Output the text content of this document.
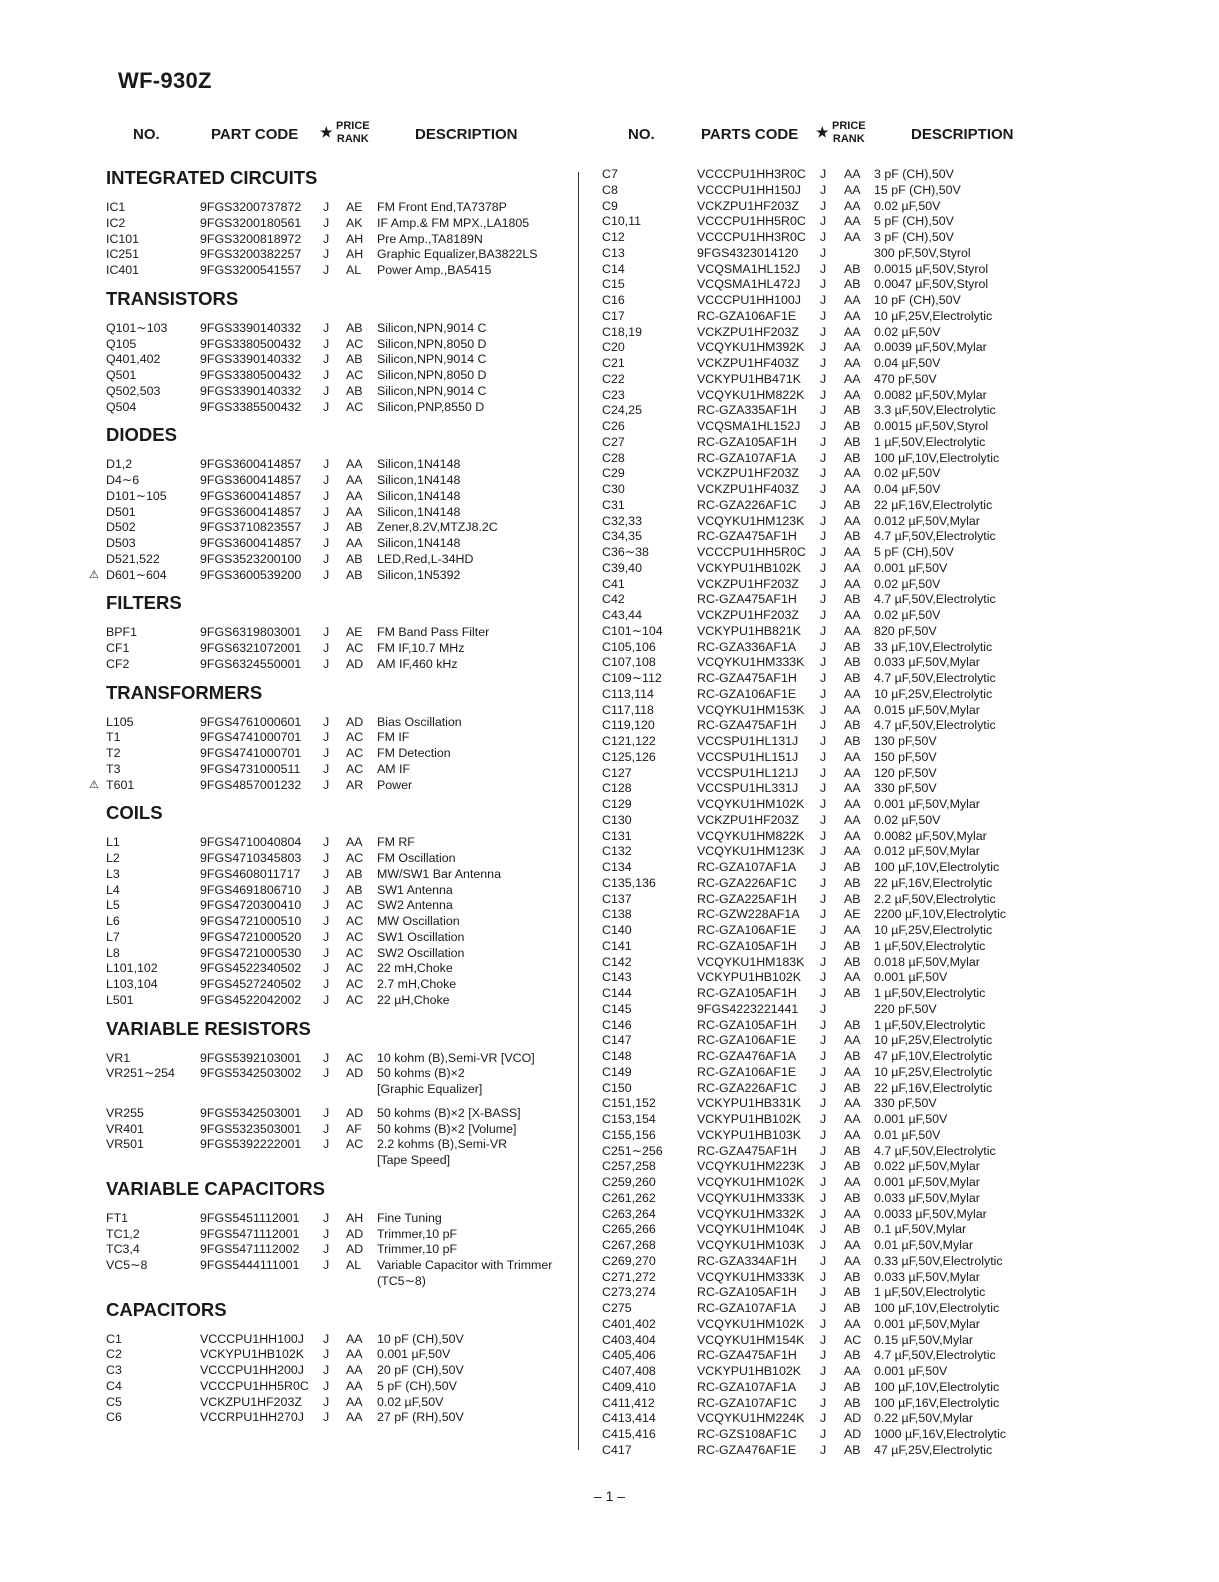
WF-930Z
NO.	PART CODE ★ PRICE
RANK	DESCRIPTION	NO.	PARTS CODE ★ PRICE
RANK	DESCRIPTION
INTEGRATED CIRCUITS
IC1	9FGS3200737872 J AE FM Front End,TA7378P
IC2	9FGS3200180561 J AK IF Amp.& FM MPX.,LA1805
IC101	9FGS3200818972 J AH Pre Amp.,TA8189N
IC251	9FGS3200382257 J AH Graphic Equalizer,BA3822LS
IC401	9FGS3200541557 J AL Power Amp.,BA5415
TRANSISTORS
Q101∼103	9FGS3390140332 J AB Silicon,NPN,9014 C
Q105	9FGS3380500432 J AC Silicon,NPN,8050 D
Q401,402	9FGS3390140332 J AB Silicon,NPN,9014 C
Q501	9FGS3380500432 J AC Silicon,NPN,8050 D
Q502,503	9FGS3390140332 J AB Silicon,NPN,9014 C
Q504	9FGS3385500432 J AC Silicon,PNP,8550 D
DIODES
D1,2	9FGS3600414857 J AA Silicon,1N4148
D4∼6	9FGS3600414857 J AA Silicon,1N4148
D101∼105	9FGS3600414857 J AA Silicon,1N4148
D501	9FGS3600414857 J AA Silicon,1N4148
D502	9FGS3710823557 J AB Zener,8.2V,MTZJ8.2C
D503	9FGS3600414857 J AA Silicon,1N4148
D521,522	9FGS3523200100 J AB LED,Red,L-34HD
⚠ D601∼604	9FGS3600539200 J AB Silicon,1N5392
FILTERS
BPF1	9FGS6319803001 J AE FM Band Pass Filter
CF1	9FGS6321072001 J AC FM IF,10.7 MHz
CF2	9FGS6324550001 J AD AM IF,460 kHz
TRANSFORMERS
L105	9FGS4761000601 J AD Bias Oscillation
T1	9FGS4741000701 J AC FM IF
T2	9FGS4741000701 J AC FM Detection
T3	9FGS4731000511 J AC AM IF
⚠ T601	9FGS4857001232 J AR Power
COILS
L1	9FGS4710040804 J AA FM RF
L2	9FGS4710345803 J AC FM Oscillation
L3	9FGS4608011717 J AB MW/SW1 Bar Antenna
L4	9FGS4691806710 J AB SW1 Antenna
L5	9FGS4720300410 J AC SW2 Antenna
L6	9FGS4721000510 J AC MW Oscillation
L7	9FGS4721000520 J AC SW1 Oscillation
L8	9FGS4721000530 J AC SW2 Oscillation
L101,102	9FGS4522340502 J AC 22 mH,Choke
L103,104	9FGS4527240502 J AC 2.7 mH,Choke
L501	9FGS4522042002 J AC 22 µH,Choke
VARIABLE RESISTORS
VR1	9FGS5392103001 J AC 10 kohm (B),Semi-VR [VCO]
VR251∼254 9FGS5342503002 J AD 50 kohms (B)×2
[Graphic Equalizer]
VR255	9FGS5342503001 J AD 50 kohms (B)×2 [X-BASS]
VR401	9FGS5323503001 J AF 50 kohms (B)×2 [Volume]
VR501	9FGS5392222001 J AC 2.2 kohms (B),Semi-VR
[Tape Speed]
VARIABLE CAPACITORS
FT1	9FGS5451112001 J AH Fine Tuning
TC1,2	9FGS5471112001 J AD Trimmer,10 pF
TC3,4	9FGS5471112002 J AD Trimmer,10 pF
VC5∼8	9FGS5444111001 J AL Variable Capacitor with Trimmer
(TC5∼8)
CAPACITORS
C1	VCCCPU1HH100J J AA 10 pF (CH),50V
C2	VCKYPU1HB102K J AA 0.001 µF,50V
C3	VCCCPU1HH200J J AA 20 pF (CH),50V
C4	VCCCPU1HH5R0C J AA 5 pF (CH),50V
C5	VCKZPU1HF203Z J AA 0.02 µF,50V
C6	VCCRPU1HH270J J AA 27 pF (RH),50V
C7	VCCCPU1HH3R0C J AA 3 pF (CH),50V
C8	VCCCPU1HH150J J AA 15 pF (CH),50V
C9	VCKZPU1HF203Z J AA 0.02 µF,50V
C10,11	VCCCPU1HH5R0C J AA 5 pF (CH),50V
C12	VCCCPU1HH3R0C J AA 3 pF (CH),50V
C13	9FGS4323014120 J	300 pF,50V,Styrol
C14	VCQSMA1HL152J J AB 0.0015 µF,50V,Styrol
C15	VCQSMA1HL472J J AB 0.0047 µF,50V,Styrol
C16	VCCCPU1HH100J J AA 10 pF (CH),50V
C17	RC-GZA106AF1E J AA 10 µF,25V,Electrolytic
C18,19	VCKZPU1HF203Z J AA 0.02 µF,50V
C20	VCQYKU1HM392K J AA 0.0039 µF,50V,Mylar
C21	VCKZPU1HF403Z J AA 0.04 µF,50V
C22	VCKYPU1HB471K J AA 470 pF,50V
C23	VCQYKU1HM822K J AA 0.0082 µF,50V,Mylar
C24,25	RC-GZA335AF1H J AB 3.3 µF,50V,Electrolytic
C26	VCQSMA1HL152J J AB 0.0015 µF,50V,Styrol
C27	RC-GZA105AF1H J AB 1 µF,50V,Electrolytic
C28	RC-GZA107AF1A J AB 100 µF,10V,Electrolytic
C29	VCKZPU1HF203Z J AA 0.02 µF,50V
C30	VCKZPU1HF403Z J AA 0.04 µF,50V
C31	RC-GZA226AF1C J AB 22 µF,16V,Electrolytic
C32,33	VCQYKU1HM123K J AA 0.012 µF,50V,Mylar
C34,35	RC-GZA475AF1H J AB 4.7 µF,50V,Electrolytic
C36∼38	VCCCPU1HH5R0C J AA 5 pF (CH),50V
C39,40	VCKYPU1HB102K J AA 0.001 µF,50V
C41	VCKZPU1HF203Z J AA 0.02 µF,50V
C42	RC-GZA475AF1H J AB 4.7 µF,50V,Electrolytic
C43,44	VCKZPU1HF203Z J AA 0.02 µF,50V
C101∼104	VCKYPU1HB821K J AA 820 pF,50V
C105,106	RC-GZA336AF1A J AB 33 µF,10V,Electrolytic
C107,108	VCQYKU1HM333K J AB 0.033 µF,50V,Mylar
C109∼112	RC-GZA475AF1H J AB 4.7 µF,50V,Electrolytic
C113,114	RC-GZA106AF1E J AA 10 µF,25V,Electrolytic
C117,118	VCQYKU1HM153K J AA 0.015 µF,50V,Mylar
C119,120	RC-GZA475AF1H J AB 4.7 µF,50V,Electrolytic
C121,122	VCCSPU1HL131J J AB 130 pF,50V
C125,126	VCCSPU1HL151J J AA 150 pF,50V
C127	VCCSPU1HL121J J AA 120 pF,50V
C128	VCCSPU1HL331J J AA 330 pF,50V
C129	VCQYKU1HM102K J AA 0.001 µF,50V,Mylar
C130	VCKZPU1HF203Z J AA 0.02 µF,50V
C131	VCQYKU1HM822K J AA 0.0082 µF,50V,Mylar
C132	VCQYKU1HM123K J AA 0.012 µF,50V,Mylar
C134	RC-GZA107AF1A J AB 100 µF,10V,Electrolytic
C135,136	RC-GZA226AF1C J AB 22 µF,16V,Electrolytic
C137	RC-GZA225AF1H J AB 2.2 µF,50V,Electrolytic
C138	RC-GZW228AF1A J AE 2200 µF,10V,Electrolytic
C140	RC-GZA106AF1E J AA 10 µF,25V,Electrolytic
C141	RC-GZA105AF1H J AB 1 µF,50V,Electrolytic
C142	VCQYKU1HM183K J AB 0.018 µF,50V,Mylar
C143	VCKYPU1HB102K J AA 0.001 µF,50V
C144	RC-GZA105AF1H J AB 1 µF,50V,Electrolytic
C145	9FGS4223221441 J	220 pF,50V
C146	RC-GZA105AF1H J AB 1 µF,50V,Electrolytic
C147	RC-GZA106AF1E J AA 10 µF,25V,Electrolytic
C148	RC-GZA476AF1A J AB 47 µF,10V,Electrolytic
C149	RC-GZA106AF1E J AA 10 µF,25V,Electrolytic
C150	RC-GZA226AF1C J AB 22 µF,16V,Electrolytic
C151,152	VCKYPU1HB331K J AA 330 pF,50V
C153,154	VCKYPU1HB102K J AA 0.001 µF,50V
C155,156	VCKYPU1HB103K J AA 0.01 µF,50V
C251∼256	RC-GZA475AF1H J AB 4.7 µF,50V,Electrolytic
C257,258	VCQYKU1HM223K J AB 0.022 µF,50V,Mylar
C259,260	VCQYKU1HM102K J AA 0.001 µF,50V,Mylar
C261,262	VCQYKU1HM333K J AB 0.033 µF,50V,Mylar
C263,264	VCQYKU1HM332K J AA 0.0033 µF,50V,Mylar
C265,266	VCQYKU1HM104K J AB 0.1 µF,50V,Mylar
C267,268	VCQYKU1HM103K J AA 0.01 µF,50V,Mylar
C269,270	RC-GZA334AF1H J AA 0.33 µF,50V,Electrolytic
C271,272	VCQYKU1HM333K J AB 0.033 µF,50V,Mylar
C273,274	RC-GZA105AF1H J AB 1 µF,50V,Electrolytic
C275	RC-GZA107AF1A J AB 100 µF,10V,Electrolytic
C401,402	VCQYKU1HM102K J AA 0.001 µF,50V,Mylar
C403,404	VCQYKU1HM154K J AC 0.15 µF,50V,Mylar
C405,406	RC-GZA475AF1H J AB 4.7 µF,50V,Electrolytic
C407,408	VCKYPU1HB102K J AA 0.001 µF,50V
C409,410	RC-GZA107AF1A J AB 100 µF,10V,Electrolytic
C411,412	RC-GZA107AF1C J AB 100 µF,16V,Electrolytic
C413,414	VCQYKU1HM224K J AD 0.22 µF,50V,Mylar
C415,416	RC-GZS108AF1C J AD 1000 µF,16V,Electrolytic
C417	RC-GZA476AF1E J AB 47 µF,25V,Electrolytic
– 1 –
